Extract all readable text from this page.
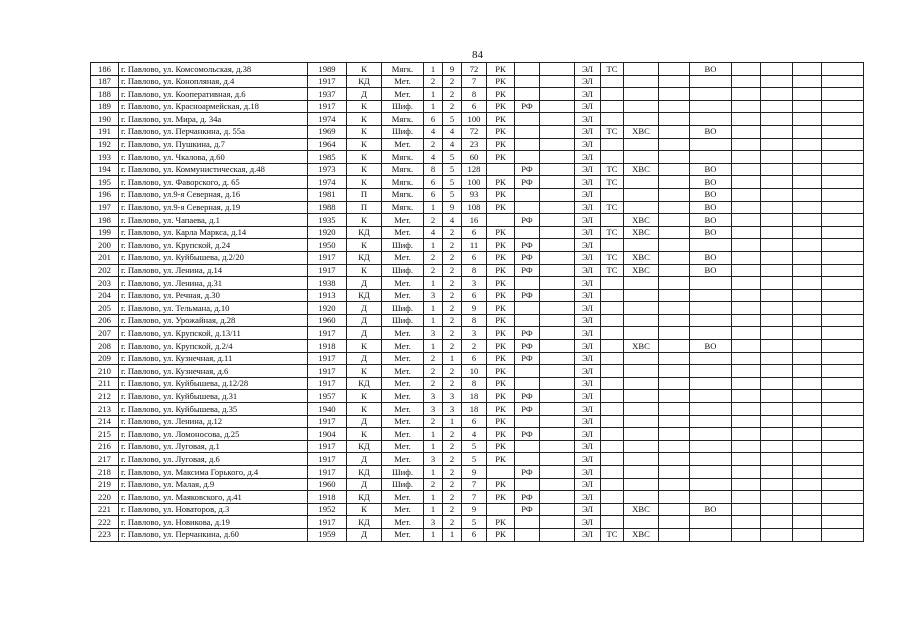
84
186	г. Павлово, ул. Комсомольская, д.38	1989	К	Мягк.	1	9	72	РК			ЭЛ	ТС			ВО				
187	г. Павлово, ул. Конопляная, д.4	1917	КД	Мет.	2	2	7	РК			ЭЛ								
188	г. Павлово, ул. Кооперативная, д.6	1937	Д	Мет.	1	2	8	РК			ЭЛ								
189	г. Павлово, ул. Красноармейская, д.18	1917	К	Шиф.	1	2	6	РК	РФ		ЭЛ								
190	г. Павлово, ул. Мира, д. 34а	1974	К	Мягк.	6	5	100	РК			ЭЛ								
191	г. Павлово, ул. Перчанкина, д. 55а	1969	К	Шиф.	4	4	72	РК			ЭЛ	ТС	ХВС		ВО				
192	г. Павлово, ул. Пушкина, д.7	1964	К	Мет.	2	4	23	РК			ЭЛ								
193	г. Павлово, ул. Чкалова, д.60	1985	К	Мягк.	4	5	60	РК			ЭЛ								
194	г. Павлово, ул. Коммунистическая, д.48	1973	К	Мягк.	8	5	128		РФ		ЭЛ	ТС	ХВС		ВО				
195	г. Павлово, ул. Фаворского, д. 65	1974	К	Мягк.	6	5	100	РК	РФ		ЭЛ	ТС			ВО				
196	г. Павлово, ул.9-я Северная, д.16	1981	П	Мягк.	6	5	93	РК			ЭЛ				ВО				
197	г. Павлово, ул.9-я Северная, д.19	1988	П	Мягк.	1	9	108	РК			ЭЛ	ТС			ВО				
198	г. Павлово, ул. Чапаева, д.1	1935	К	Мет.	2	4	16		РФ		ЭЛ		ХВС		ВО				
199	г. Павлово, ул. Карла Маркса, д.14	1920	КД	Мет.	4	2	6	РК			ЭЛ	ТС	ХВС		ВО				
200	г. Павлово, ул. Крупской, д.24	1950	К	Шиф.	1	2	11	РК	РФ		ЭЛ								
201	г. Павлово, ул. Куйбышева, д.2/20	1917	КД	Мет.	2	2	6	РК	РФ		ЭЛ	ТС	ХВС		ВО				
202	г. Павлово, ул. Ленина, д.14	1917	К	Шиф.	2	2	8	РК	РФ		ЭЛ	ТС	ХВС		ВО				
203	г. Павлово, ул. Ленина, д.31	1938	Д	Мет.	1	2	3	РК			ЭЛ								
204	г. Павлово, ул. Речная, д.30	1913	КД	Мет.	3	2	6	РК	РФ		ЭЛ								
205	г. Павлово, ул. Тельмана, д.10	1920	Д	Шиф.	1	2	9	РК			ЭЛ								
206	г. Павлово, ул. Урожайная, д.28	1960	Д	Шиф.	1	2	8	РК			ЭЛ								
207	г. Павлово, ул. Крупской, д.13/11	1917	Д	Мет.	3	2	3	РК	РФ		ЭЛ								
208	г. Павлово, ул. Крупской, д.2/4	1918	К	Мет.	1	2	2	РК	РФ		ЭЛ		ХВС		ВО				
209	г. Павлово, ул. Кузнечная, д.11	1917	Д	Мет.	2	1	6	РК	РФ		ЭЛ								
210	г. Павлово, ул. Кузнечная, д.6	1917	К	Мет.	2	2	10	РК			ЭЛ								
211	г. Павлово, ул. Куйбышева, д.12/28	1917	КД	Мет.	2	2	8	РК			ЭЛ								
212	г. Павлово, ул. Куйбышева, д.31	1957	К	Мет.	3	3	18	РК	РФ		ЭЛ								
213	г. Павлово, ул. Куйбышева, д.35	1940	К	Мет.	3	3	18	РК	РФ		ЭЛ								
214	г. Павлово, ул. Ленина, д.12	1917	Д	Мет.	2	1	6	РК			ЭЛ								
215	г. Павлово, ул. Ломоносова, д.25	1904	К	Мет.	1	2	4	РК	РФ		ЭЛ								
216	г. Павлово, ул. Луговая, д.1	1917	КД	Мет.	1	2	5	РК			ЭЛ								
217	г. Павлово, ул. Луговая, д.6	1917	Д	Мет.	3	2	5	РК			ЭЛ								
218	г. Павлово, ул. Максима Горького, д.4	1917	КД	Шиф.	1	2	9		РФ		ЭЛ								
219	г. Павлово, ул. Малая, д.9	1960	Д	Шиф.	2	2	7	РК			ЭЛ								
220	г. Павлово, ул. Маяковского, д.41	1918	КД	Мет.	1	2	7	РК	РФ		ЭЛ								
221	г. Павлово, ул. Новаторов, д.3	1952	К	Мет.	1	2	9		РФ		ЭЛ		ХВС		ВО				
222	г. Павлово, ул. Новикова, д.19	1917	КД	Мет.	3	2	5	РК			ЭЛ								
223	г. Павлово, ул. Перчанкина, д.60	1959	Д	Мет.	1	1	6	РК			ЭЛ	ТС	ХВС						
